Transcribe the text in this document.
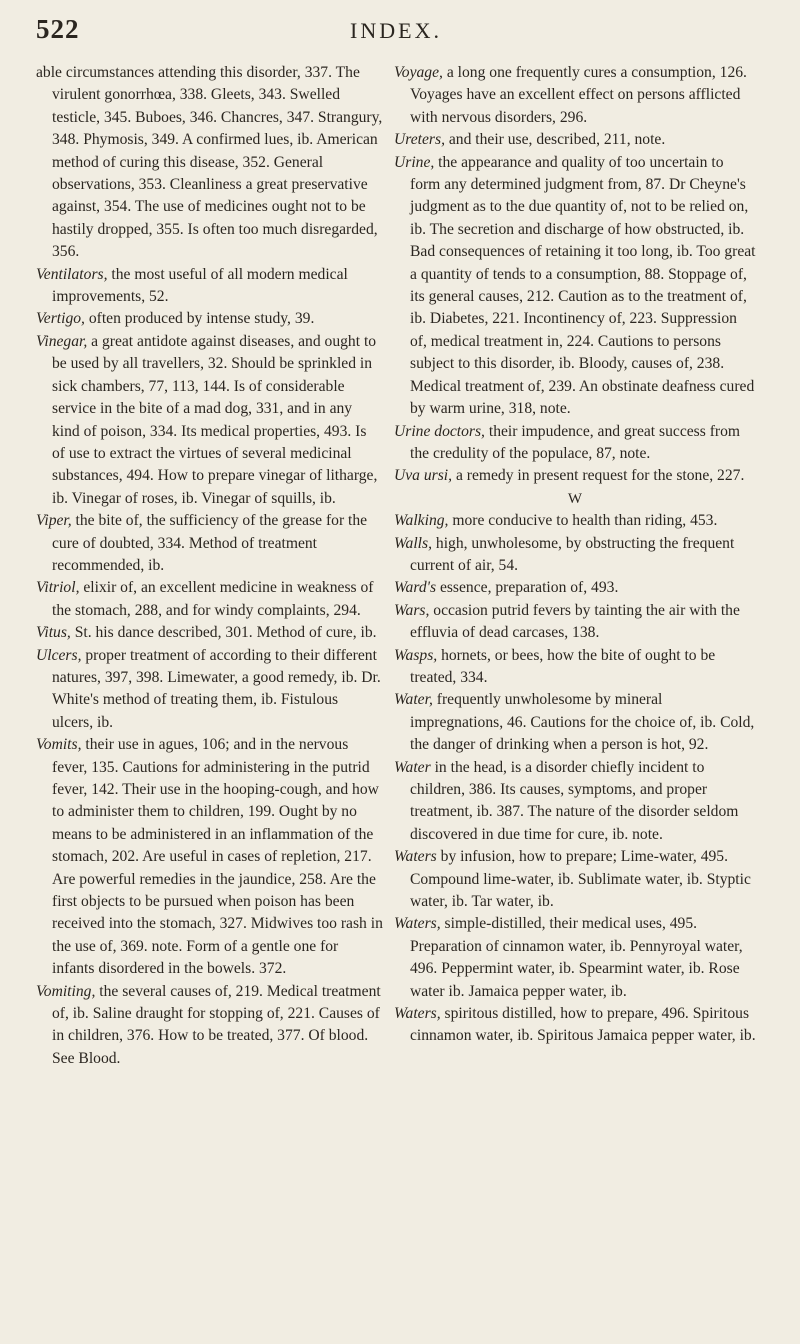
522	INDEX.

able circumstances attending this disorder, 337. The virulent gonorrhœa, 338. Gleets, 343. Swelled testicle, 345. Buboes, 346. Chancres, 347. Strangury, 348. Phymosis, 349. A confirmed lues, ib. American method of curing this disease, 352. General observations, 353. Cleanliness a great preservative against, 354. The use of medicines ought not to be hastily dropped, 355. Is often too much disregarded, 356.

Ventilators, the most useful of all modern medical improvements, 52.

Vertigo, often produced by intense study, 39.

Vinegar, a great antidote against diseases, and ought to be used by all travellers, 32. Should be sprinkled in sick chambers, 77, 113, 144. Is of considerable service in the bite of a mad dog, 331, and in any kind of poison, 334. Its medical properties, 493. Is of use to extract the virtues of several medicinal substances, 494. How to prepare vinegar of litharge, ib. Vinegar of roses, ib. Vinegar of squills, ib.

Viper, the bite of, the sufficiency of the grease for the cure of doubted, 334. Method of treatment recommended, ib.

Vitriol, elixir of, an excellent medicine in weakness of the stomach, 288, and for windy complaints, 294.

Vitus, St. his dance described, 301. Method of cure, ib.

Ulcers, proper treatment of according to their different natures, 397, 398. Limewater, a good remedy, ib. Dr. White's method of treating them, ib. Fistulous ulcers, ib.

Vomits, their use in agues, 106; and in the nervous fever, 135. Cautions for administering in the putrid fever, 142. Their use in the hooping-cough, and how to administer them to children, 199. Ought by no means to be administered in an inflammation of the stomach, 202. Are useful in cases of repletion, 217. Are powerful remedies in the jaundice, 258. Are the first objects to be pursued when poison has been received into the stomach, 327. Midwives too rash in the use of, 369. note. Form of a gentle one for infants disordered in the bowels. 372.

Vomiting, the several causes of, 219. Medical treatment of, ib. Saline draught for stopping of, 221. Causes of in children, 376. How to be treated, 377. Of blood. See Blood.

Voyage, a long one frequently cures a consumption, 126. Voyages have an excellent effect on persons afflicted with nervous disorders, 296.

Ureters, and their use, described, 211, note.

Urine, the appearance and quality of too uncertain to form any determined judgment from, 87. Dr Cheyne's judgment as to the due quantity of, not to be relied on, ib. The secretion and discharge of how obstructed, ib. Bad consequences of retaining it too long, ib. Too great a quantity of tends to a consumption, 88. Stoppage of, its general causes, 212. Caution as to the treatment of, ib. Diabetes, 221. Incontinency of, 223. Suppression of, medical treatment in, 224. Cautions to persons subject to this disorder, ib. Bloody, causes of, 238. Medical treatment of, 239. An obstinate deafness cured by warm urine, 318, note.

Urine doctors, their impudence, and great success from the credulity of the populace, 87, note.

Uva ursi, a remedy in present request for the stone, 227.

W

Walking, more conducive to health than riding, 453.

Walls, high, unwholesome, by obstructing the frequent current of air, 54.

Ward's essence, preparation of, 493.

Wars, occasion putrid fevers by tainting the air with the effluvia of dead carcases, 138.

Wasps, hornets, or bees, how the bite of ought to be treated, 334.

Water, frequently unwholesome by mineral impregnations, 46. Cautions for the choice of, ib. Cold, the danger of drinking when a person is hot, 92.

Water in the head, is a disorder chiefly incident to children, 386. Its causes, symptoms, and proper treatment, ib. 387. The nature of the disorder seldom discovered in due time for cure, ib. note.

Waters by infusion, how to prepare; Lime-water, 495. Compound lime-water, ib. Sublimate water, ib. Styptic water, ib. Tar water, ib.

Waters, simple-distilled, their medical uses, 495. Preparation of cinnamon water, ib. Pennyroyal water, 496. Peppermint water, ib. Spearmint water, ib. Rose water ib. Jamaica pepper water, ib.

Waters, spiritous distilled, how to prepare, 496. Spiritous cinnamon water, ib. Spiritous Jamaica pepper water, ib.
